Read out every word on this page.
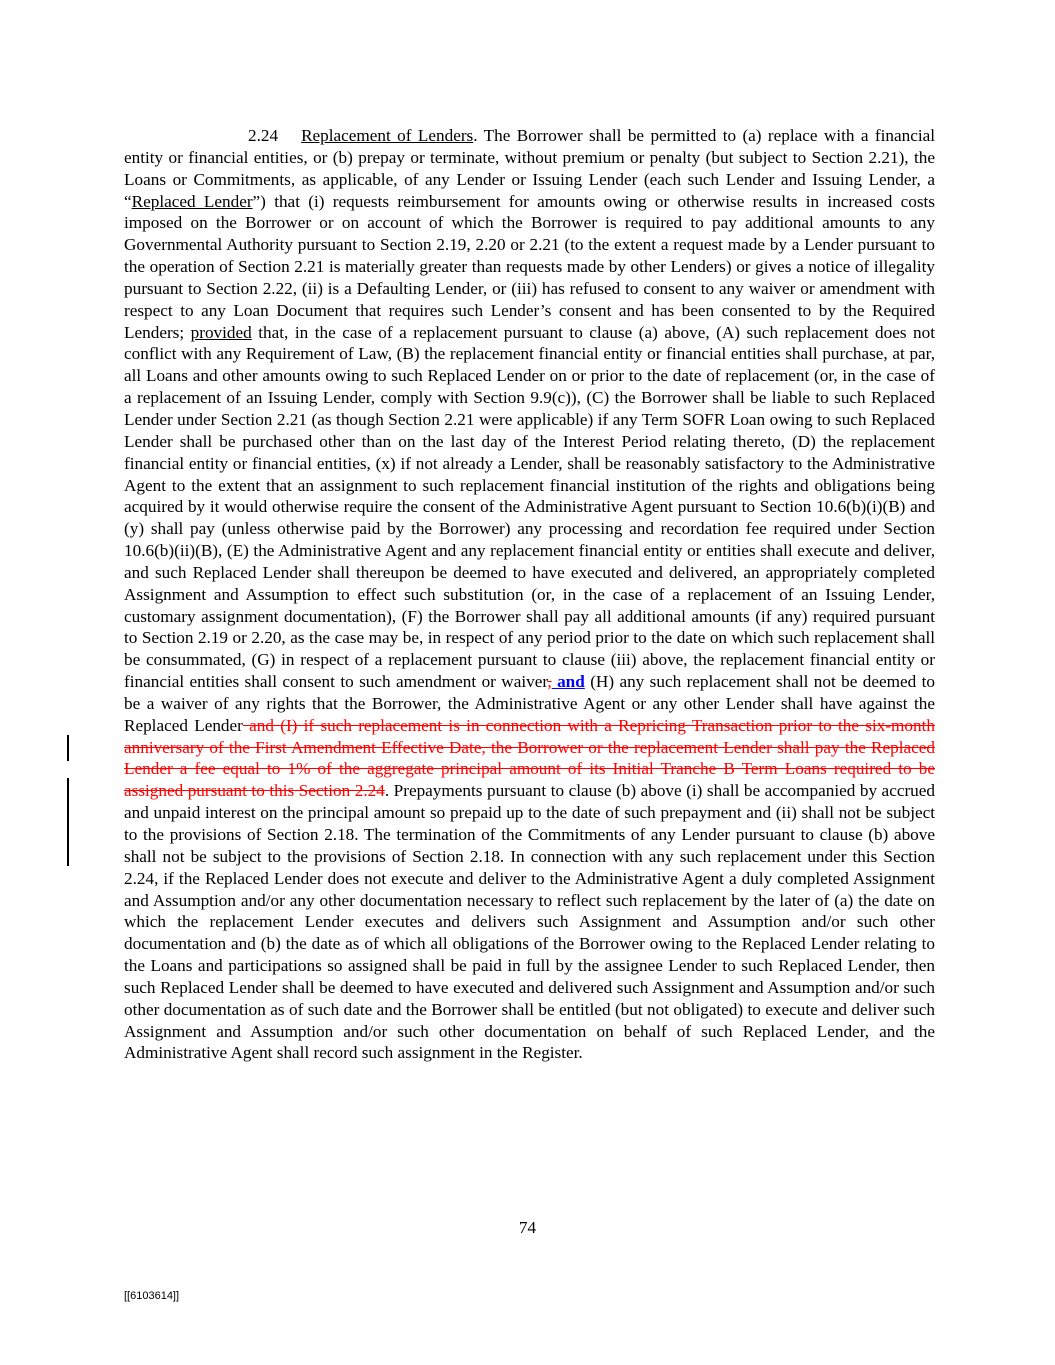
2.24 Replacement of Lenders. The Borrower shall be permitted to (a) replace with a financial entity or financial entities, or (b) prepay or terminate, without premium or penalty (but subject to Section 2.21), the Loans or Commitments, as applicable, of any Lender or Issuing Lender (each such Lender and Issuing Lender, a “Replaced Lender”) that (i) requests reimbursement for amounts owing or otherwise results in increased costs imposed on the Borrower or on account of which the Borrower is required to pay additional amounts to any Governmental Authority pursuant to Section 2.19, 2.20 or 2.21 (to the extent a request made by a Lender pursuant to the operation of Section 2.21 is materially greater than requests made by other Lenders) or gives a notice of illegality pursuant to Section 2.22, (ii) is a Defaulting Lender, or (iii) has refused to consent to any waiver or amendment with respect to any Loan Document that requires such Lender’s consent and has been consented to by the Required Lenders; provided that, in the case of a replacement pursuant to clause (a) above, (A) such replacement does not conflict with any Requirement of Law, (B) the replacement financial entity or financial entities shall purchase, at par, all Loans and other amounts owing to such Replaced Lender on or prior to the date of replacement (or, in the case of a replacement of an Issuing Lender, comply with Section 9.9(c)), (C) the Borrower shall be liable to such Replaced Lender under Section 2.21 (as though Section 2.21 were applicable) if any Term SOFR Loan owing to such Replaced Lender shall be purchased other than on the last day of the Interest Period relating thereto, (D) the replacement financial entity or financial entities, (x) if not already a Lender, shall be reasonably satisfactory to the Administrative Agent to the extent that an assignment to such replacement financial institution of the rights and obligations being acquired by it would otherwise require the consent of the Administrative Agent pursuant to Section 10.6(b)(i)(B) and (y) shall pay (unless otherwise paid by the Borrower) any processing and recordation fee required under Section 10.6(b)(ii)(B), (E) the Administrative Agent and any replacement financial entity or entities shall execute and deliver, and such Replaced Lender shall thereupon be deemed to have executed and delivered, an appropriately completed Assignment and Assumption to effect such substitution (or, in the case of a replacement of an Issuing Lender, customary assignment documentation), (F) the Borrower shall pay all additional amounts (if any) required pursuant to Section 2.19 or 2.20, as the case may be, in respect of any period prior to the date on which such replacement shall be consummated, (G) in respect of a replacement pursuant to clause (iii) above, the replacement financial entity or financial entities shall consent to such amendment or waiver, and (H) any such replacement shall not be deemed to be a waiver of any rights that the Borrower, the Administrative Agent or any other Lender shall have against the Replaced Lender and (I) if such replacement is in connection with a Repricing Transaction prior to the six-month anniversary of the First Amendment Effective Date, the Borrower or the replacement Lender shall pay the Replaced Lender a fee equal to 1% of the aggregate principal amount of its Initial Tranche B Term Loans required to be assigned pursuant to this Section 2.24. Prepayments pursuant to clause (b) above (i) shall be accompanied by accrued and unpaid interest on the principal amount so prepaid up to the date of such prepayment and (ii) shall not be subject to the provisions of Section 2.18. The termination of the Commitments of any Lender pursuant to clause (b) above shall not be subject to the provisions of Section 2.18. In connection with any such replacement under this Section 2.24, if the Replaced Lender does not execute and deliver to the Administrative Agent a duly completed Assignment and Assumption and/or any other documentation necessary to reflect such replacement by the later of (a) the date on which the replacement Lender executes and delivers such Assignment and Assumption and/or such other documentation and (b) the date as of which all obligations of the Borrower owing to the Replaced Lender relating to the Loans and participations so assigned shall be paid in full by the assignee Lender to such Replaced Lender, then such Replaced Lender shall be deemed to have executed and delivered such Assignment and Assumption and/or such other documentation as of such date and the Borrower shall be entitled (but not obligated) to execute and deliver such Assignment and Assumption and/or such other documentation on behalf of such Replaced Lender, and the Administrative Agent shall record such assignment in the Register.

74
[[6103614]]
